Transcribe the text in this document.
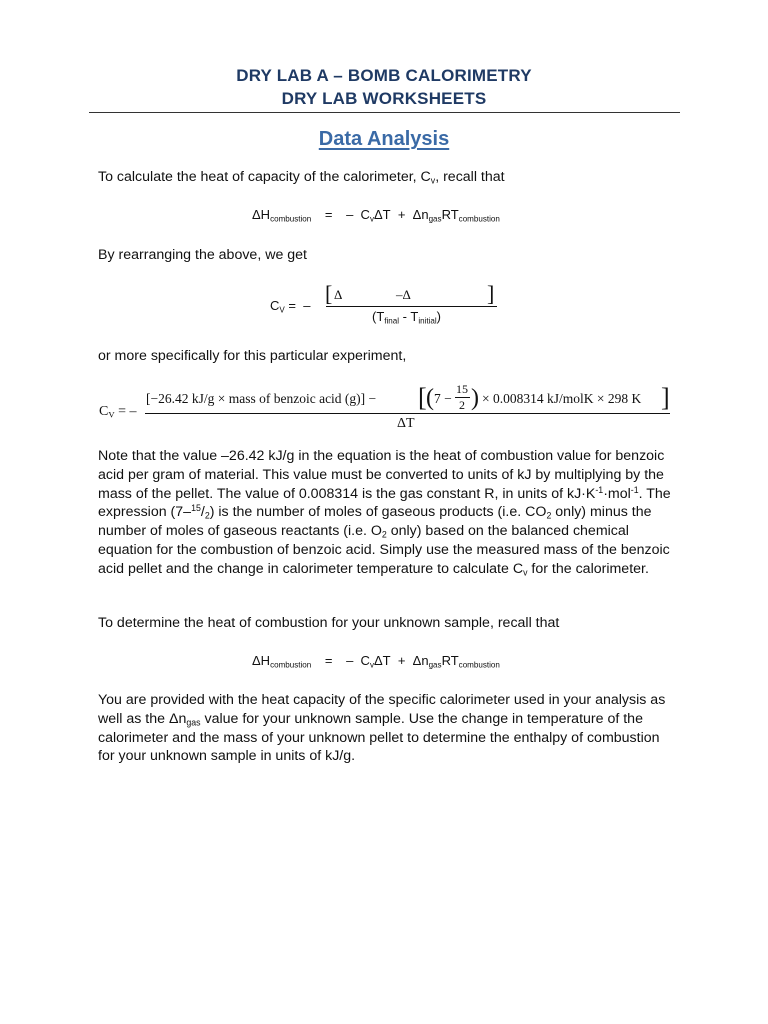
DRY LAB A – BOMB CALORIMETRY
DRY LAB WORKSHEETS
Data Analysis
To calculate the heat of capacity of the calorimeter, $C_v$, recall that
$\Delta H_{combustion}$ = – $C_v\Delta T + \Delta n_{gas}RT_{combustion}$
By rearranging the above, we get
$C_V$ = – [ Δ	–Δ	]
$(T_{final} - T_{initial})$
or more specifically for this particular experiment,
$C_V$ = –
[−26.42 kJ/g × mass of benzoic acid (g)] − [ ( 7 −
15
2 ) × 0.008314 kJ/molK × 298 K ]
ΔT
Note that the value –26.42 kJ/g in the equation is the heat of combustion value for benzoic acid per gram of material. This value must be converted to units of kJ by multiplying by the mass of the pellet. The value of 0.008314 is the gas constant R, in units of $kJ\cdot K^{-1}\cdot mol^{-1}$. The expression $(7-^{15}/_2)$ is the number of moles of gaseous products (i.e. $CO_2$ only) minus the number of moles of gaseous reactants (i.e. $O_2$ only) based on the balanced chemical equation for the combustion of benzoic acid. Simply use the measured mass of the benzoic acid pellet and the change in calorimeter temperature to calculate $C_v$ for the calorimeter.
To determine the heat of combustion for your unknown sample, recall that
$\Delta H_{combustion}$ = – $C_v\Delta T + \Delta n_{gas}RT_{combustion}$
You are provided with the heat capacity of the specific calorimeter used in your analysis as well as the $\Delta n_{gas}$ value for your unknown sample. Use the change in temperature of the calorimeter and the mass of your unknown pellet to determine the enthalpy of combustion for your unknown sample in units of kJ/g.
